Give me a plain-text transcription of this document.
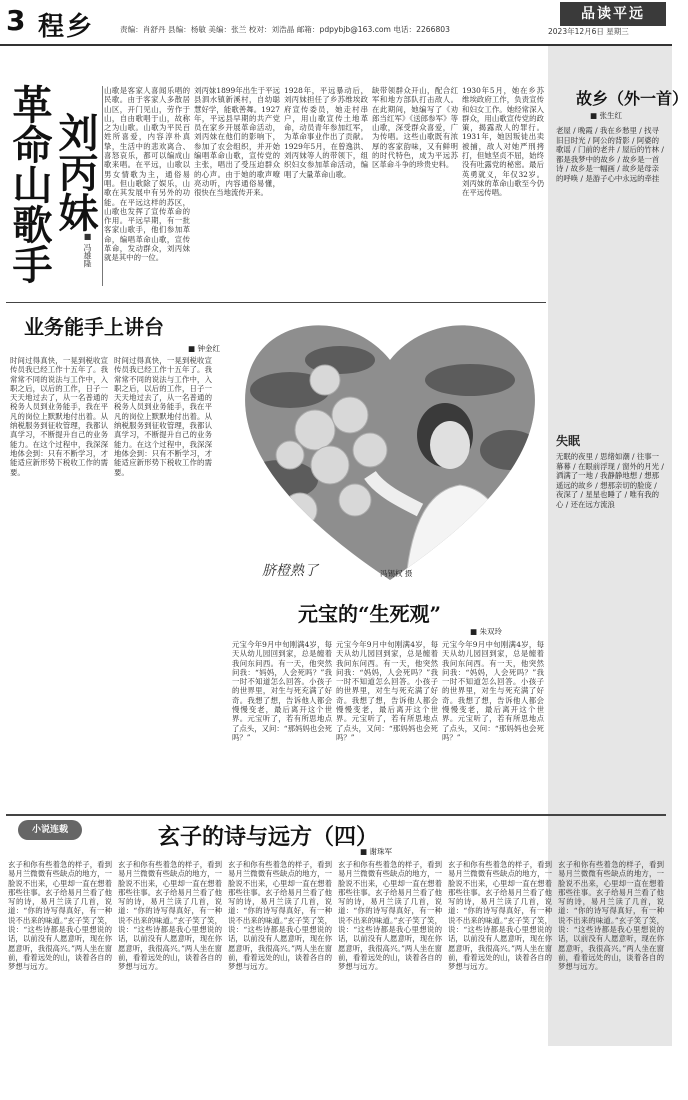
3 程乡	责编：肖舒丹 县编：杨敏 美编：张兰 校对：刘浩晶 邮箱：pdpybjb@163.com 电话：2266803
品读平远
2023年12月6日 星期三
革命山歌手 刘丙妹
■ 冯雄隆
山歌是客家人喜闻乐唱的民歌。由于客家人多散居山区，开门见山，劳作于山，自由歌唱于山，故称之为山歌。山歌为平民百姓所喜爱，内容淳朴真挚，生活中的悲欢离合、喜怒哀乐，都可以编成山歌来唱。在平远，山歌以男女情歌为主，通俗易唱。但山歌除了娱乐，山歌在其发展中有另外的功能。在平远这样的苏区，山歌也发挥了宣传革命的作用。平远早期，有一批客家山歌手，他们参加革命，编唱革命山歌，宣传革命，发动群众，刘丙妹就是其中的一位。
刘丙妹1899年出生于平远县泗水镇新溪村，自幼聪慧好学，能歌善舞。1927年，平远县早期的共产党员在家乡开展革命活动，刘丙妹在他们的影响下，参加了农会组织，并开始编唱革命山歌，宣传党的主张，唱出了受压迫群众的心声。由于她的歌声嘹亮动听，内容通俗易懂，很快在当地流传开来。
1928年，平远暴动后，刘丙妹担任了乡苏维埃政府宣传委员，她走村串户，用山歌宣传土地革命，动员青年参加红军，为革命事业作出了贡献。1929年5月，在曾逸洪、刘丙妹等人的带领下，组织妇女参加革命活动，编唱了大量革命山歌。
缺带领群众开山，配合红军和地方部队打击敌人。在此期间，她编写了《劝郎当红军》《送郎参军》等山歌，深受群众喜爱，广为传唱。这些山歌既有浓厚的客家韵味，又有鲜明的时代特色，成为平远苏区革命斗争的珍贵史料。
1930年5月，她在乡苏维埃政府工作，负责宣传和妇女工作。她经常深入群众，用山歌宣传党的政策，揭露敌人的罪行。1931年，她因叛徒出卖被捕，敌人对她严刑拷打，但她坚贞不屈，始终没有吐露党的秘密。最后英勇就义，年仅32岁。刘丙妹的革命山歌至今仍在平远传唱。
故乡（外一首）
■ 张生红
老屋 / 晚霞 / 我在乡愁里 / 找寻旧日时光 / 阿公的背影 / 阿婆的歌谣 / 门前的老井 / 屋后的竹林 / 都是我梦中的故乡 / 故乡是一首诗 / 故乡是一幅画 / 故乡是母亲的呼唤 / 是游子心中永远的牵挂
失眠
无眠的夜里 / 思绪如潮 / 往事一幕幕 / 在眼前浮现 / 窗外的月光 / 洒满了一地 / 我静静地想 / 想那遥远的故乡 / 想那亲切的脸庞 / 夜深了 / 星星也睡了 / 唯有我的心 / 还在远方流浪
业务能手上讲台
■ 钟金红
时间过得真快，一晃到税收宣传员我已经工作十五年了。我常常不同的说法与工作中，入职之后，以后的工作，日子一天天地过去了，从一名普通的税务人员到业务能手，我在平凡的岗位上默默地付出着。从纳税服务到征收管理，我都认真学习，不断提升自己的业务能力。在这个过程中，我深深地体会到：只有不断学习，才能适应新形势下税收工作的需要。
时间过得真快，一晃到税收宣传员我已经工作十五年了。我常常不同的说法与工作中，入职之后，以后的工作，日子一天天地过去了，从一名普通的税务人员到业务能手，我在平凡的岗位上默默地付出着。从纳税服务到征收管理，我都认真学习，不断提升自己的业务能力。在这个过程中，我深深地体会到：只有不断学习，才能适应新形势下税收工作的需要。
脐橙熟了	冯锡权 摄
元宝的“生死观”
■ 朱双玲
元宝今年9月中旬刚满4岁，每天从幼儿园回到家，总是缠着我问东问西。有一天，他突然问我：“妈妈，人会死吗？”我一时不知道怎么回答。小孩子的世界里，对生与死充满了好奇。我想了想，告诉他人都会慢慢变老，最后离开这个世界。元宝听了，若有所思地点了点头，又问：“那妈妈也会死吗？”
元宝今年9月中旬刚满4岁，每天从幼儿园回到家，总是缠着我问东问西。有一天，他突然问我：“妈妈，人会死吗？”我一时不知道怎么回答。小孩子的世界里，对生与死充满了好奇。我想了想，告诉他人都会慢慢变老，最后离开这个世界。元宝听了，若有所思地点了点头，又问：“那妈妈也会死吗？”
元宝今年9月中旬刚满4岁，每天从幼儿园回到家，总是缠着我问东问西。有一天，他突然问我：“妈妈，人会死吗？”我一时不知道怎么回答。小孩子的世界里，对生与死充满了好奇。我想了想，告诉他人都会慢慢变老，最后离开这个世界。元宝听了，若有所思地点了点头，又问：“那妈妈也会死吗？”
小说连载	玄子的诗与远方（四）
■ 谢珠军
玄子和你有些着急的样子，看到易月兰微微有些缺点的地方，一脸说不出来，心里却一直在想着那些往事。玄子给易月兰看了他写的诗，易月兰读了几首，说道：“你的诗写得真好，有一种说不出来的味道。”玄子笑了笑，说：“这些诗都是我心里想说的话，以前没有人愿意听，现在你愿意听，我很高兴。”两人坐在窗前，看着远处的山，谈着各自的梦想与远方。
玄子和你有些着急的样子，看到易月兰微微有些缺点的地方，一脸说不出来，心里却一直在想着那些往事。玄子给易月兰看了他写的诗，易月兰读了几首，说道：“你的诗写得真好，有一种说不出来的味道。”玄子笑了笑，说：“这些诗都是我心里想说的话，以前没有人愿意听，现在你愿意听，我很高兴。”两人坐在窗前，看着远处的山，谈着各自的梦想与远方。
玄子和你有些着急的样子，看到易月兰微微有些缺点的地方，一脸说不出来，心里却一直在想着那些往事。玄子给易月兰看了他写的诗，易月兰读了几首，说道：“你的诗写得真好，有一种说不出来的味道。”玄子笑了笑，说：“这些诗都是我心里想说的话，以前没有人愿意听，现在你愿意听，我很高兴。”两人坐在窗前，看着远处的山，谈着各自的梦想与远方。
玄子和你有些着急的样子，看到易月兰微微有些缺点的地方，一脸说不出来，心里却一直在想着那些往事。玄子给易月兰看了他写的诗，易月兰读了几首，说道：“你的诗写得真好，有一种说不出来的味道。”玄子笑了笑，说：“这些诗都是我心里想说的话，以前没有人愿意听，现在你愿意听，我很高兴。”两人坐在窗前，看着远处的山，谈着各自的梦想与远方。
玄子和你有些着急的样子，看到易月兰微微有些缺点的地方，一脸说不出来，心里却一直在想着那些往事。玄子给易月兰看了他写的诗，易月兰读了几首，说道：“你的诗写得真好，有一种说不出来的味道。”玄子笑了笑，说：“这些诗都是我心里想说的话，以前没有人愿意听，现在你愿意听，我很高兴。”两人坐在窗前，看着远处的山，谈着各自的梦想与远方。
玄子和你有些着急的样子，看到易月兰微微有些缺点的地方，一脸说不出来，心里却一直在想着那些往事。玄子给易月兰看了他写的诗，易月兰读了几首，说道：“你的诗写得真好，有一种说不出来的味道。”玄子笑了笑，说：“这些诗都是我心里想说的话，以前没有人愿意听，现在你愿意听，我很高兴。”两人坐在窗前，看着远处的山，谈着各自的梦想与远方。
